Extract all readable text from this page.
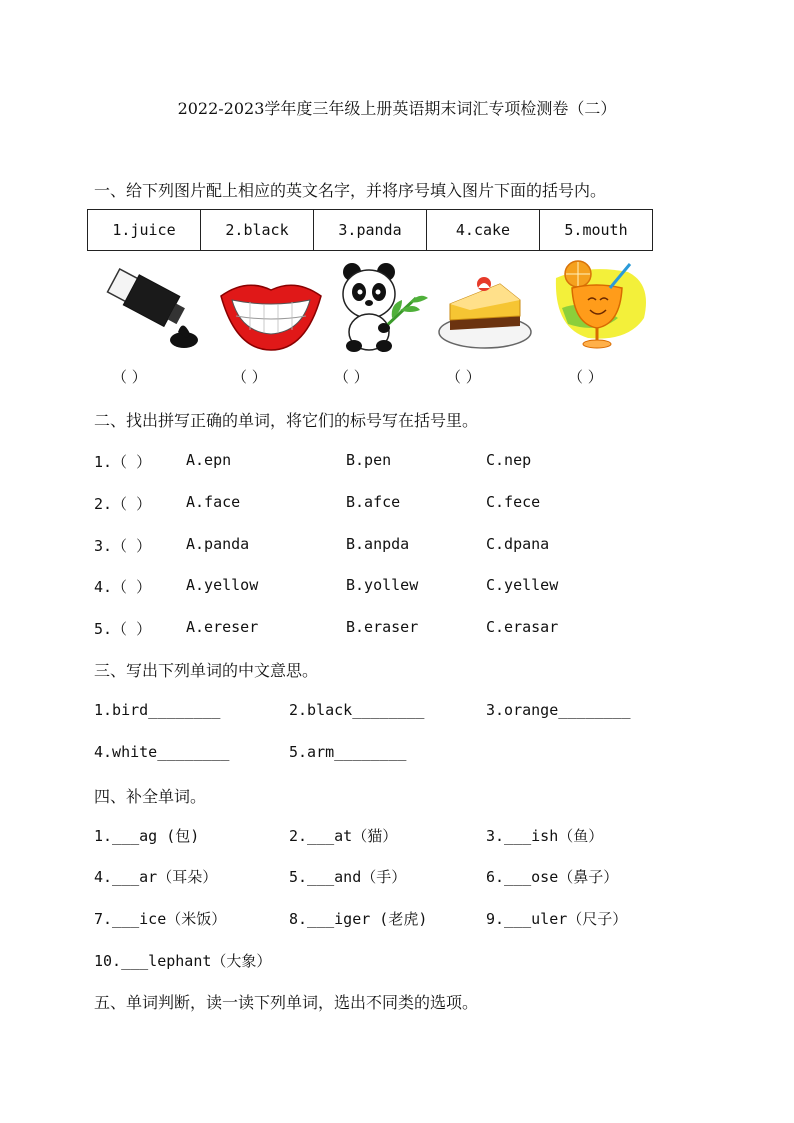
2022-2023学年度三年级上册英语期末词汇专项检测卷（二）
一、给下列图片配上相应的英文名字，并将序号填入图片下面的括号内。
1.juice	2.black	3.panda	4.cake	5.mouth
（ ）	（ ）	（ ）	（ ）	（ ）
二、找出拼写正确的单词，将它们的标号写在括号里。
1.（ ） A.epn	B.pen	C.nep
2.（ ） A.face	B.afce	C.fece
3.（ ） A.panda	B.anpda	C.dpana
4.（ ） A.yellow	B.yollew	C.yellew
5.（ ） A.ereser	B.eraser	C.erasar
三、写出下列单词的中文意思。
1.bird________	2.black________	3.orange________
4.white________	5.arm________
四、补全单词。
1.___ag (包)	2.___at（猫）	3.___ish（鱼）
4.___ar（耳朵）	5.___and（手）	6.___ose（鼻子）
7.___ice（米饭）	8.___iger (老虎)	9.___uler（尺子）
10.___lephant（大象）
五、单词判断，读一读下列单词，选出不同类的选项。
